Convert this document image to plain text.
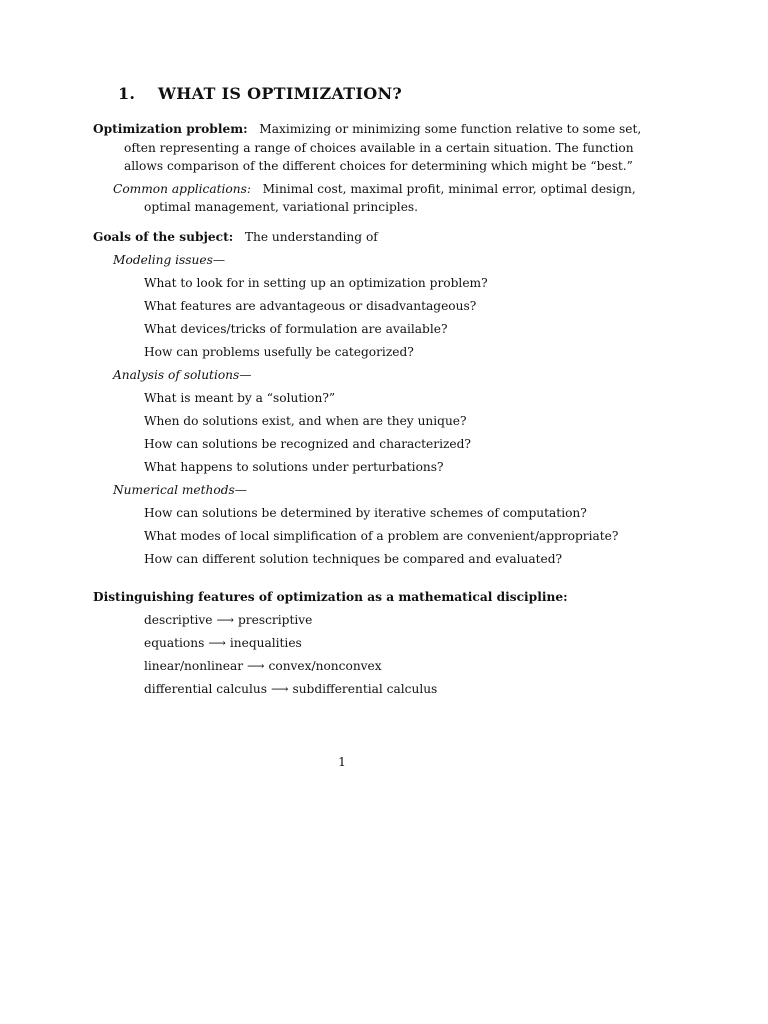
1. WHAT IS OPTIMIZATION?
Optimization problem: Maximizing or minimizing some function relative to some set,
often representing a range of choices available in a certain situation. The function
allows comparison of the different choices for determining which might be “best.”
Common applications: Minimal cost, maximal profit, minimal error, optimal design,
optimal management, variational principles.
Goals of the subject: The understanding of
Modeling issues—
What to look for in setting up an optimization problem?
What features are advantageous or disadvantageous?
What devices/tricks of formulation are available?
How can problems usefully be categorized?
Analysis of solutions—
What is meant by a “solution?”
When do solutions exist, and when are they unique?
How can solutions be recognized and characterized?
What happens to solutions under perturbations?
Numerical methods—
How can solutions be determined by iterative schemes of computation?
What modes of local simplification of a problem are convenient/appropriate?
How can different solution techniques be compared and evaluated?
Distinguishing features of optimization as a mathematical discipline:
descriptive ⟶ prescriptive
equations ⟶ inequalities
linear/nonlinear ⟶ convex/nonconvex
differential calculus ⟶ subdifferential calculus
1
